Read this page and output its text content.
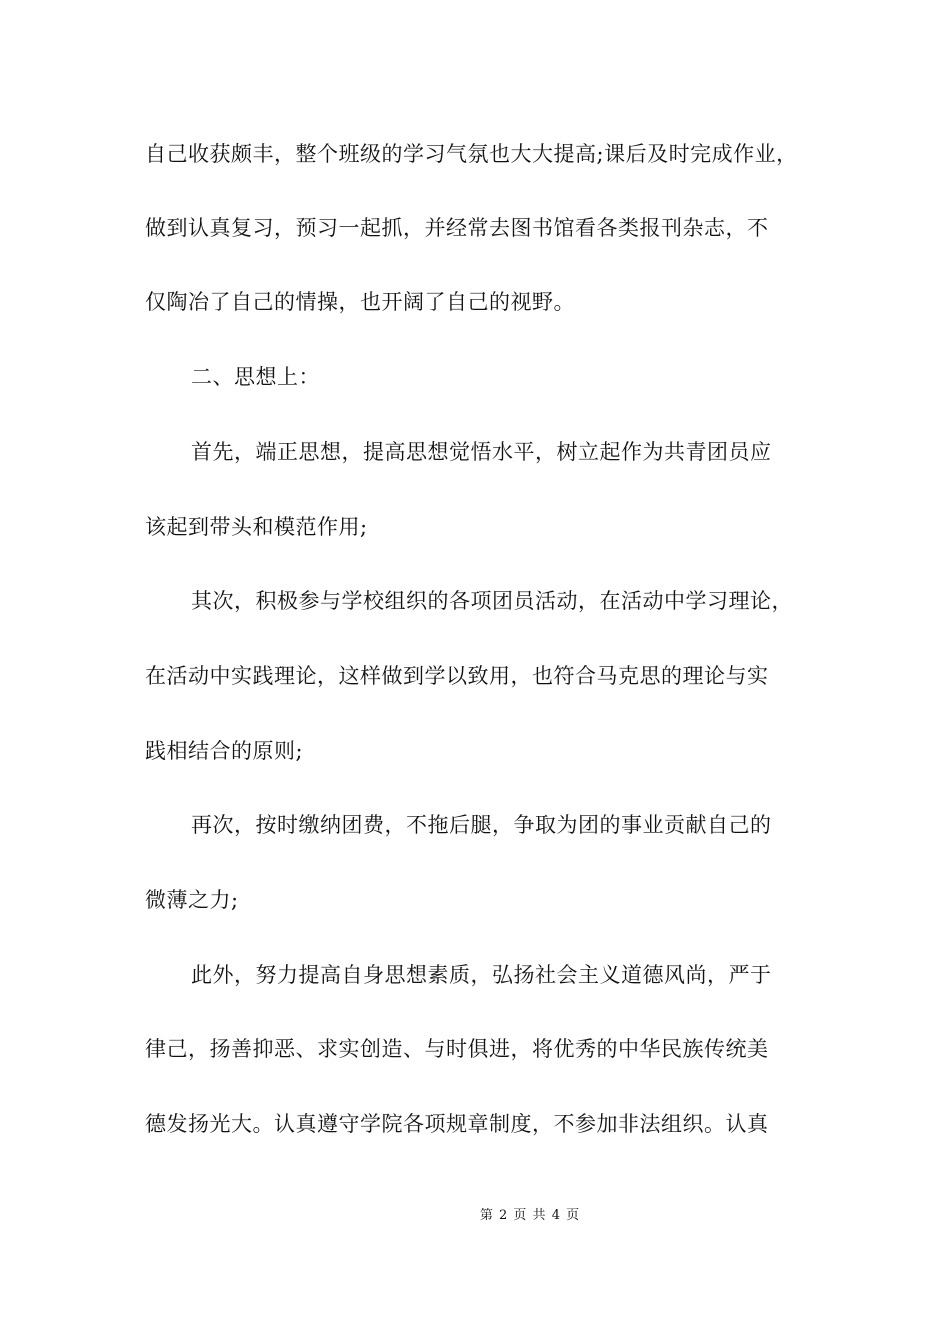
自己收获颇丰，整个班级的学习气氛也大大提高;课后及时完成作业，
做到认真复习，预习一起抓，并经常去图书馆看各类报刊杂志，不
仅陶冶了自己的情操，也开阔了自己的视野。
二、思想上：
首先，端正思想，提高思想觉悟水平，树立起作为共青团员应
该起到带头和模范作用;
其次，积极参与学校组织的各项团员活动，在活动中学习理论，
在活动中实践理论，这样做到学以致用，也符合马克思的理论与实
践相结合的原则;
再次，按时缴纳团费，不拖后腿，争取为团的事业贡献自己的
微薄之力;
此外，努力提高自身思想素质，弘扬社会主义道德风尚，严于
律己，扬善抑恶、求实创造、与时俱进，将优秀的中华民族传统美
德发扬光大。认真遵守学院各项规章制度，不参加非法组织。认真
第 2 页 共 4 页
